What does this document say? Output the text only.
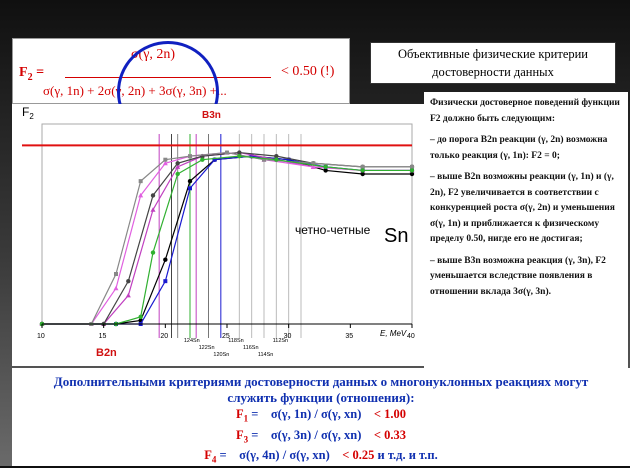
$F_2$ =
σ(γ, 2n)
< 0.50 (!)
σ(γ, 1n) + 2σ(γ, 2n) + 3σ(γ, 3n) +...
Объективные физические критерии
достоверности данных
10	15	20	25	30	35	40
124Sn
122Sn
120Sn
118Sn
116Sn
114Sn
112Sn
$F_2$	B3n
B2n
четно-четные Sn
E, MeV

Физически достоверное поведений функции F2 должно быть следующим:

– до порога B2n реакции (γ, 2n) возможна только реакция (γ, 1n): F2 = 0;

– выше B2n возможны реакции (γ, 1n) и (γ, 2n), F2 увеличивается в соответствии с конкуренцией роста σ(γ, 2n) и уменьшения σ(γ, 1n) и приближается к физическому пределу 0.50, нигде его не достигая;

– выше B3n возможна реакция (γ, 3n), F2 уменьшается вследствие появления в отношении вклада 3σ(γ, 3n).

Дополнительными критериями достоверности данных о многонуклонных реакциях могут
служить функции (отношения):
$F_1$ =    σ(γ, 1n) / σ(γ, xn)    < 1.00
$F_3$ =    σ(γ, 3n) / σ(γ, xn)    < 0.33
$F_4$ =    σ(γ, 4n) / σ(γ, xn)    < 0.25 и т.д. и т.п.
